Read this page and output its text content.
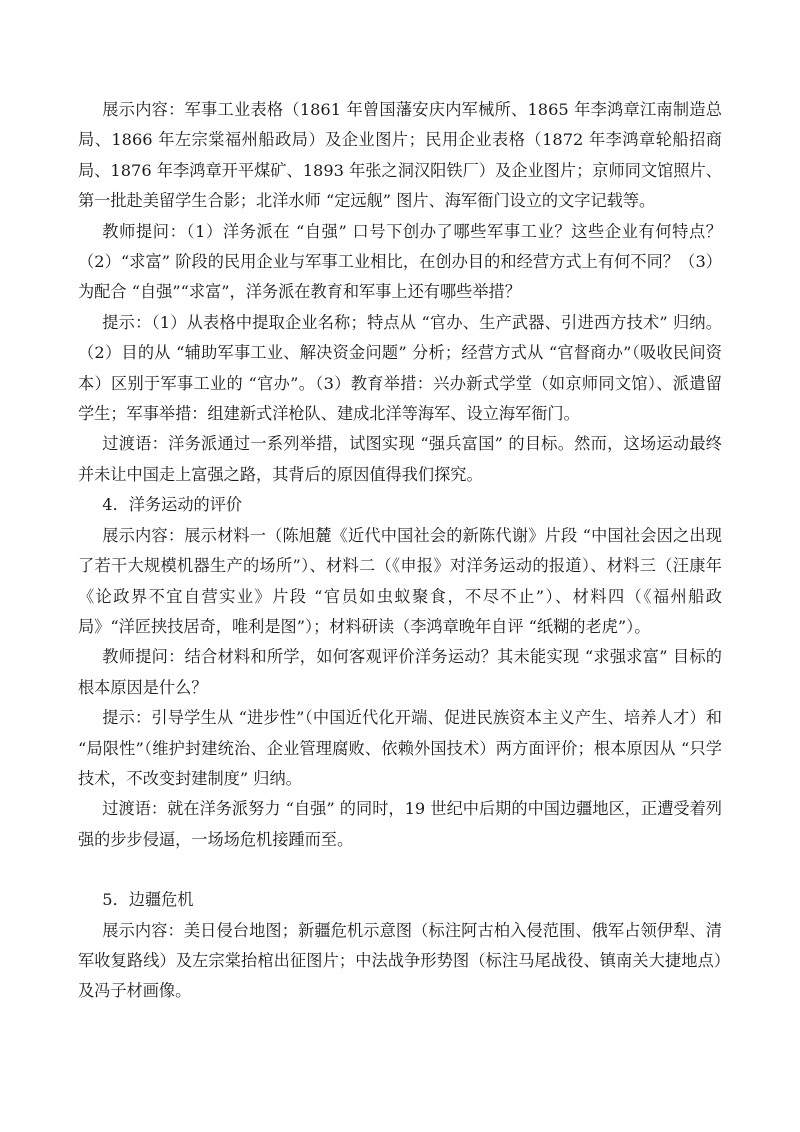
展示内容：军事工业表格（1861 年曾国藩安庆内军械所、1865 年李鸿章江南制造总局、1866 年左宗棠福州船政局）及企业图片；民用企业表格（1872 年李鸿章轮船招商局、1876 年李鸿章开平煤矿、1893 年张之洞汉阳铁厂）及企业图片；京师同文馆照片、第一批赴美留学生合影；北洋水师 “定远舰” 图片、海军衙门设立的文字记载等。

教师提问：（1）洋务派在 “自强” 口号下创办了哪些军事工业？这些企业有何特点？（2）“求富” 阶段的民用企业与军事工业相比，在创办目的和经营方式上有何不同？（3）为配合 “自强”“求富”，洋务派在教育和军事上还有哪些举措？

提示：（1）从表格中提取企业名称；特点从 “官办、生产武器、引进西方技术” 归纳。（2）目的从 “辅助军事工业、解决资金问题” 分析；经营方式从 “官督商办”（吸收民间资本）区别于军事工业的 “官办”。（3）教育举措：兴办新式学堂（如京师同文馆）、派遣留学生；军事举措：组建新式洋枪队、建成北洋等海军、设立海军衙门。

过渡语：洋务派通过一系列举措，试图实现 “强兵富国” 的目标。然而，这场运动最终并未让中国走上富强之路，其背后的原因值得我们探究。

4．洋务运动的评价

展示内容：展示材料一（陈旭麓《近代中国社会的新陈代谢》片段 “中国社会因之出现了若干大规模机器生产的场所”）、材料二（《申报》对洋务运动的报道）、材料三（汪康年《论政界不宜自营实业》片段 “官员如虫蚁聚食，不尽不止”）、材料四（《福州船政局》“洋匠挟技居奇，唯利是图”）；材料研读（李鸿章晚年自评 “纸糊的老虎”）。

教师提问：结合材料和所学，如何客观评价洋务运动？其未能实现 “求强求富” 目标的根本原因是什么？

提示：引导学生从 “进步性”（中国近代化开端、促进民族资本主义产生、培养人才）和 “局限性”（维护封建统治、企业管理腐败、依赖外国技术）两方面评价；根本原因从 “只学技术，不改变封建制度” 归纳。

过渡语：就在洋务派努力 “自强” 的同时，19 世纪中后期的中国边疆地区，正遭受着列强的步步侵逼，一场场危机接踵而至。

5．边疆危机

展示内容：美日侵台地图；新疆危机示意图（标注阿古柏入侵范围、俄军占领伊犁、清军收复路线）及左宗棠抬棺出征图片；中法战争形势图（标注马尾战役、镇南关大捷地点）及冯子材画像。
